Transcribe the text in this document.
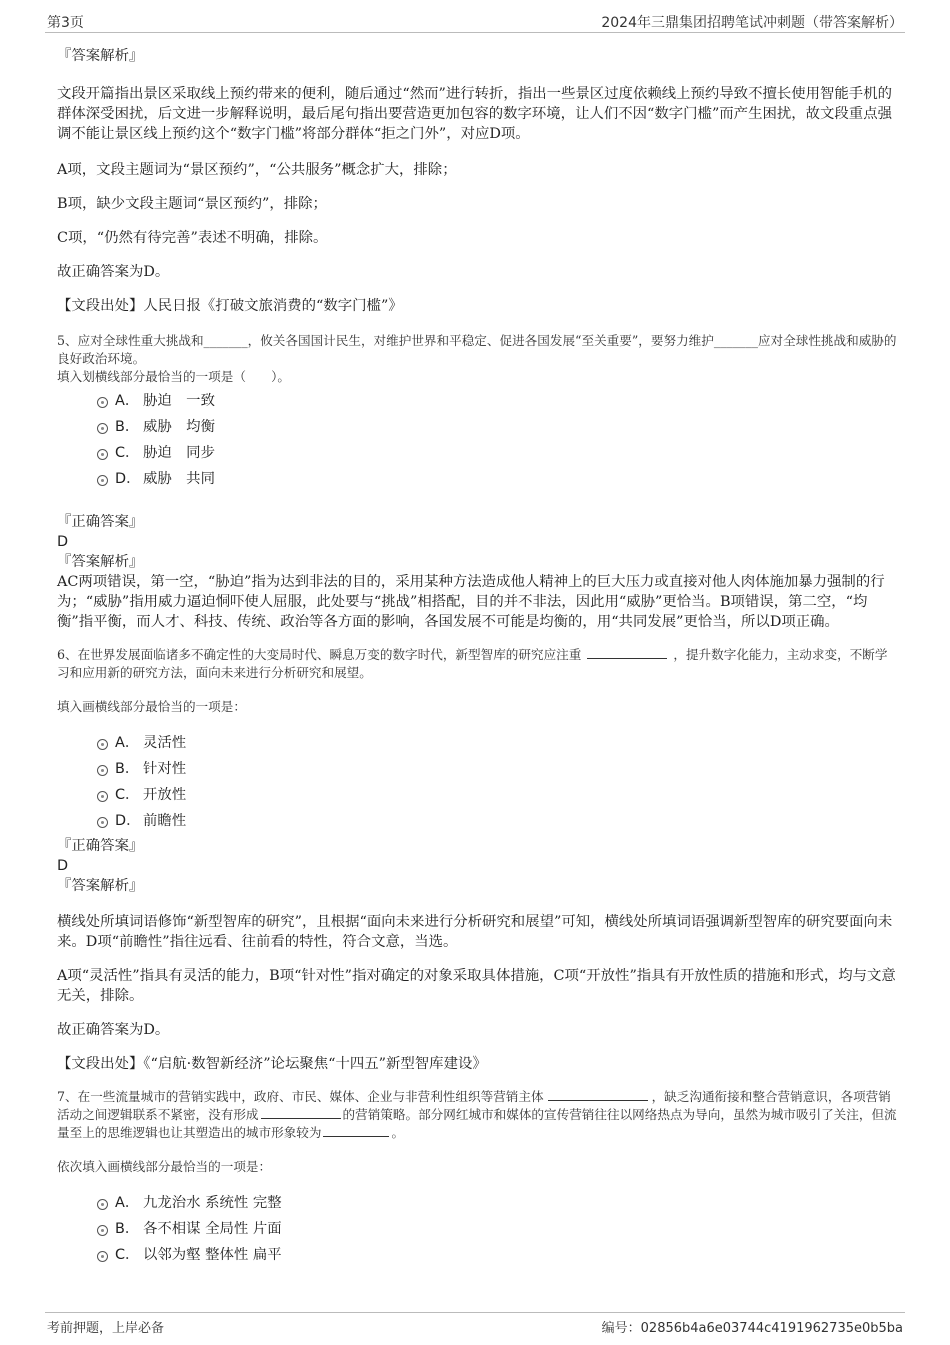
第3页	2024年三鼎集团招聘笔试冲刺题（带答案解析）

『答案解析』

文段开篇指出景区采取线上预约带来的便利，随后通过“然而”进行转折，指出一些景区过度依赖线上预约导致不擅长使用智能手机的群体深受困扰，后文进一步解释说明，最后尾句指出要营造更加包容的数字环境，让人们不因“数字门槛”而产生困扰，故文段重点强调不能让景区线上预约这个“数字门槛”将部分群体“拒之门外”，对应D项。

A项，文段主题词为“景区预约”，“公共服务”概念扩大，排除；

B项，缺少文段主题词“景区预约”，排除；

C项，“仍然有待完善”表述不明确，排除。

故正确答案为D。

【文段出处】人民日报《打破文旅消费的“数字门槛”》

5、应对全球性重大挑战和_______，攸关各国国计民生，对维护世界和平稳定、促进各国发展“至关重要”，要努力维护_______应对全球性挑战和威胁的良好政治环境。

填入划横线部分最恰当的一项是（　　）。

A． 胁迫　一致
B． 威胁　均衡
C． 胁迫　同步
D． 威胁　共同

『正确答案』

D

『答案解析』

AC两项错误，第一空，“胁迫”指为达到非法的目的，采用某种方法造成他人精神上的巨大压力或直接对他人肉体施加暴力强制的行为；“威胁”指用威力逼迫恫吓使人屈服，此处要与“挑战”相搭配，目的并不非法，因此用“威胁”更恰当。B项错误，第二空，“均衡”指平衡，而人才、科技、传统、政治等各方面的影响，各国发展不可能是均衡的，用“共同发展”更恰当，所以D项正确。

6、在世界发展面临诸多不确定性的大变局时代、瞬息万变的数字时代，新型智库的研究应注重	，提升数字化能力，主动求变，不断学习和应用新的研究方法，面向未来进行分析研究和展望。

填入画横线部分最恰当的一项是：

A． 灵活性
B． 针对性
C． 开放性
D． 前瞻性

『正确答案』

D

『答案解析』

横线处所填词语修饰“新型智库的研究”，且根据“面向未来进行分析研究和展望”可知，横线处所填词语强调新型智库的研究要面向未来。D项“前瞻性”指往远看、往前看的特性，符合文意，当选。

A项“灵活性”指具有灵活的能力，B项“针对性”指对确定的对象采取具体措施，C项“开放性”指具有开放性质的措施和形式，均与文意无关，排除。

故正确答案为D。

【文段出处】《“启航·数智新经济”论坛聚焦“十四五”新型智库建设》

7、在一些流量城市的营销实践中，政府、市民、媒体、企业与非营利性组织等营销主体	，缺乏沟通衔接和整合营销意识，各项营销活动之间逻辑联系不紧密，没有形成	的营销策略。部分网红城市和媒体的宣传营销往往以网络热点为导向，虽然为城市吸引了关注，但流量至上的思维逻辑也让其塑造出的城市形象较为	。

依次填入画横线部分最恰当的一项是：

A． 九龙治水 系统性 完整
B． 各不相谋 全局性 片面
C． 以邻为壑 整体性 扁平
考前押题，上岸必备	编号：02856b4a6e03744c4191962735e0b5ba
